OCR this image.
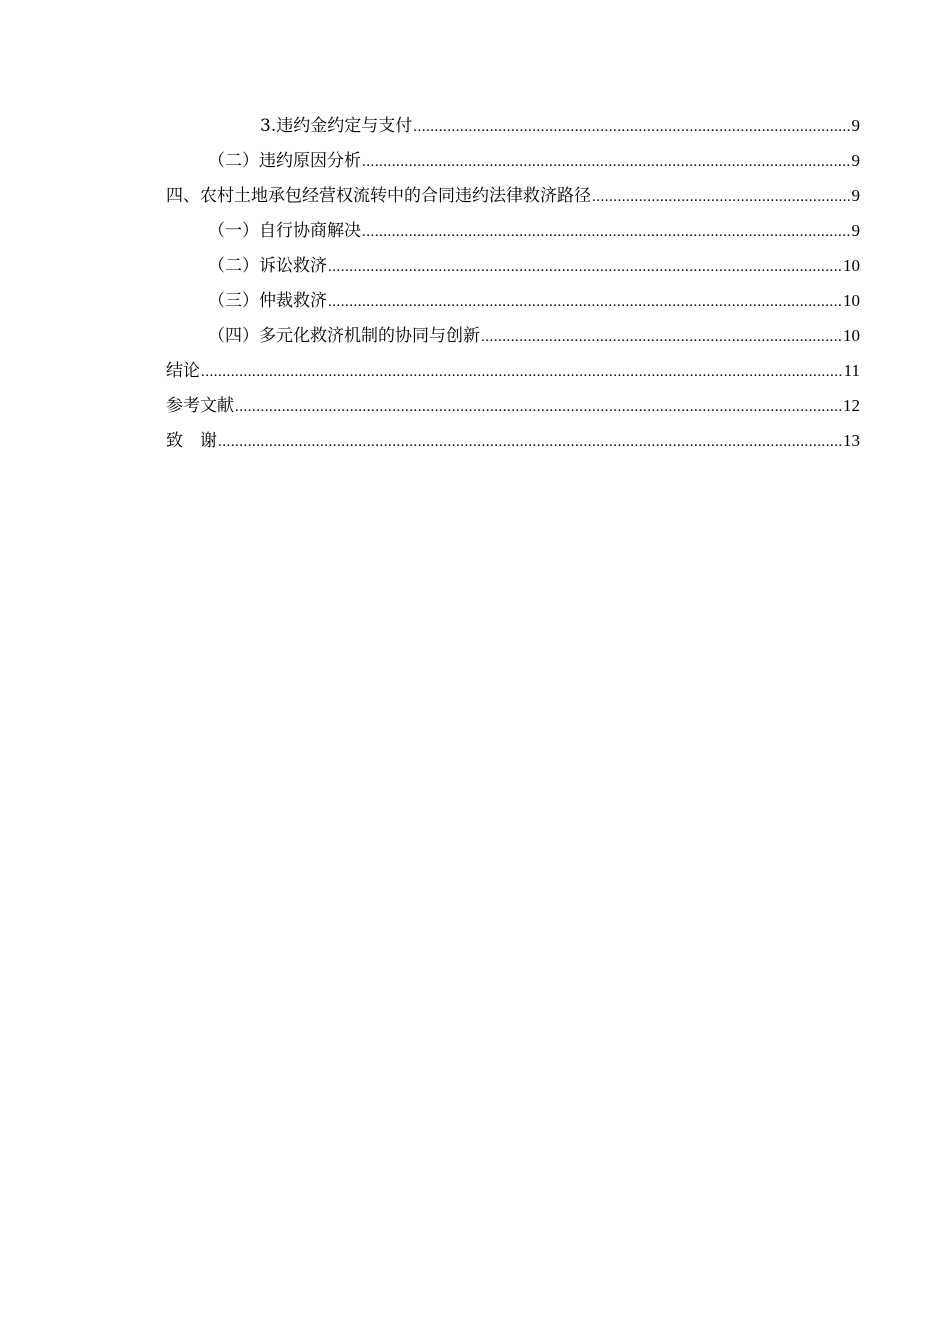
3.违约金约定与支付 .....	9
（二）违约原因分析 .....	9
四、农村土地承包经营权流转中的合同违约法律救济路径 .....	9
（一）自行协商解决 .....	9
（二）诉讼救济 .....	10
（三）仲裁救济 .....	10
（四）多元化救济机制的协同与创新 .....	10
结论 .....	11
参考文献 .....	12
致　谢 .....	13
